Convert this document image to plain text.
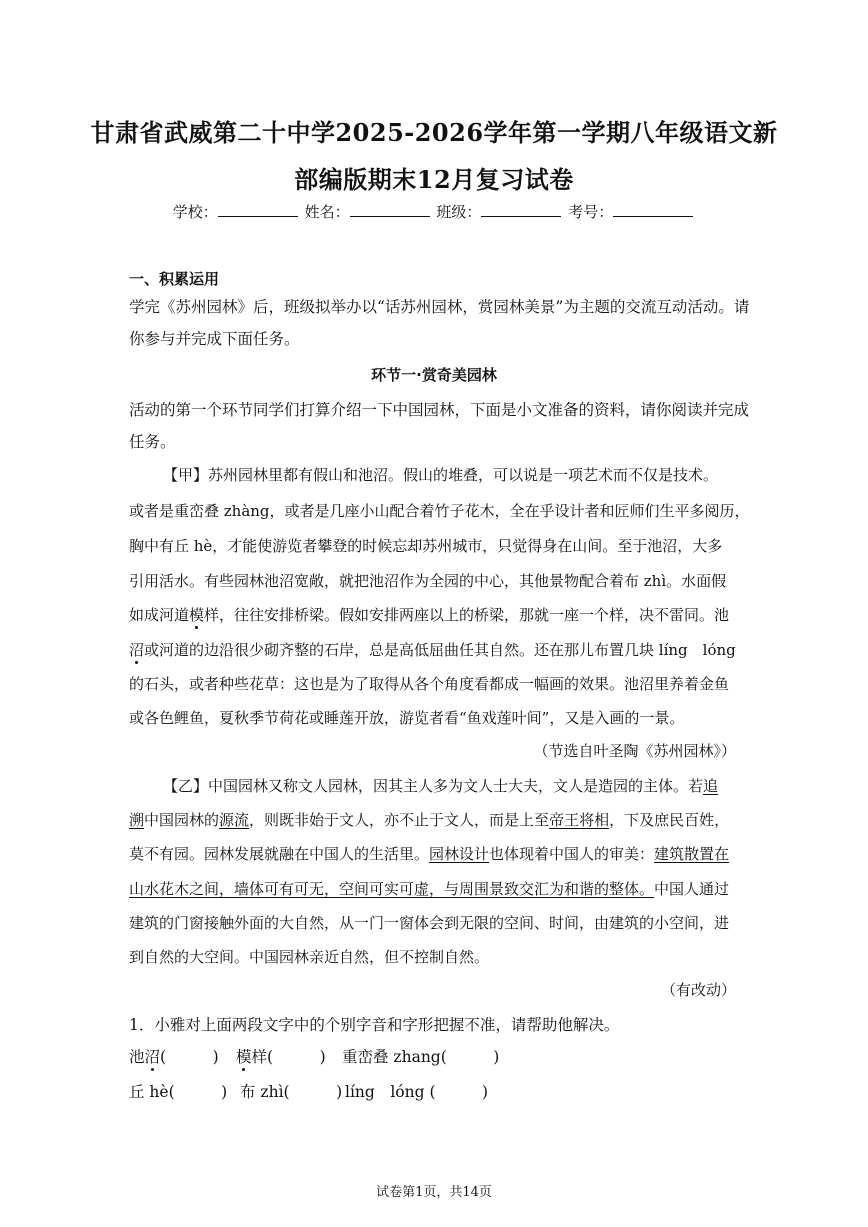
甘肃省武威第二十中学2025-2026学年第一学期八年级语文新
部编版期末12月复习试卷
学校：	姓名：	班级：	考号：
一、积累运用
学完《苏州园林》后，班级拟举办以“话苏州园林，赏园林美景”为主题的交流互动活动。请
你参与并完成下面任务。
环节一·赏奇美园林
活动的第一个环节同学们打算介绍一下中国园林，下面是小文准备的资料，请你阅读并完成
任务。
【甲】苏州园林里都有假山和池沼。假山的堆叠，可以说是一项艺术而不仅是技术。
或者是重峦叠 zhàng，或者是几座小山配合着竹子花木，全在乎设计者和匠师们生平多阅历，
胸中有丘 hè，才能使游览者攀登的时候忘却苏州城市，只觉得身在山间。至于池沼，大多
引用活水。有些园林池沼宽敞，就把池沼作为全园的中心，其他景物配合着布 zhì。水面假
如成河道模样，往往安排桥梁。假如安排两座以上的桥梁，那就一座一个样，决不雷同。池
沼或河道的边沿很少砌齐整的石岸，总是高低屈曲任其自然。还在那儿布置几块 líng　lóng
的石头，或者种些花草：这也是为了取得从各个角度看都成一幅画的效果。池沼里养着金鱼
或各色鲤鱼，夏秋季节荷花或睡莲开放，游览者看“鱼戏莲叶间”，又是入画的一景。
（节选自叶圣陶《苏州园林》）
【乙】中国园林又称文人园林，因其主人多为文人士大夫，文人是造园的主体。若追
溯中国园林的源流，则既非始于文人，亦不止于文人，而是上至帝王将相，下及庶民百姓，
莫不有园。园林发展就融在中国人的生活里。园林设计也体现着中国人的审美：建筑散置在
山水花木之间，墙体可有可无，空间可实可虚，与周围景致交汇为和谐的整体。中国人通过
建筑的门窗接触外面的大自然，从一门一窗体会到无限的空间、时间，由建筑的小空间，进
到自然的大空间。中国园林亲近自然，但不控制自然。
（有改动）
1．小雅对上面两段文字中的个别字音和字形把握不准，请帮助他解决。
池沼(　　　) 模样(　　　) 重峦叠 zhang(　　　)
丘 hè(　　　) 布 zhì(　　　) líng　lóng (　　　)
试卷第1页，共14页
